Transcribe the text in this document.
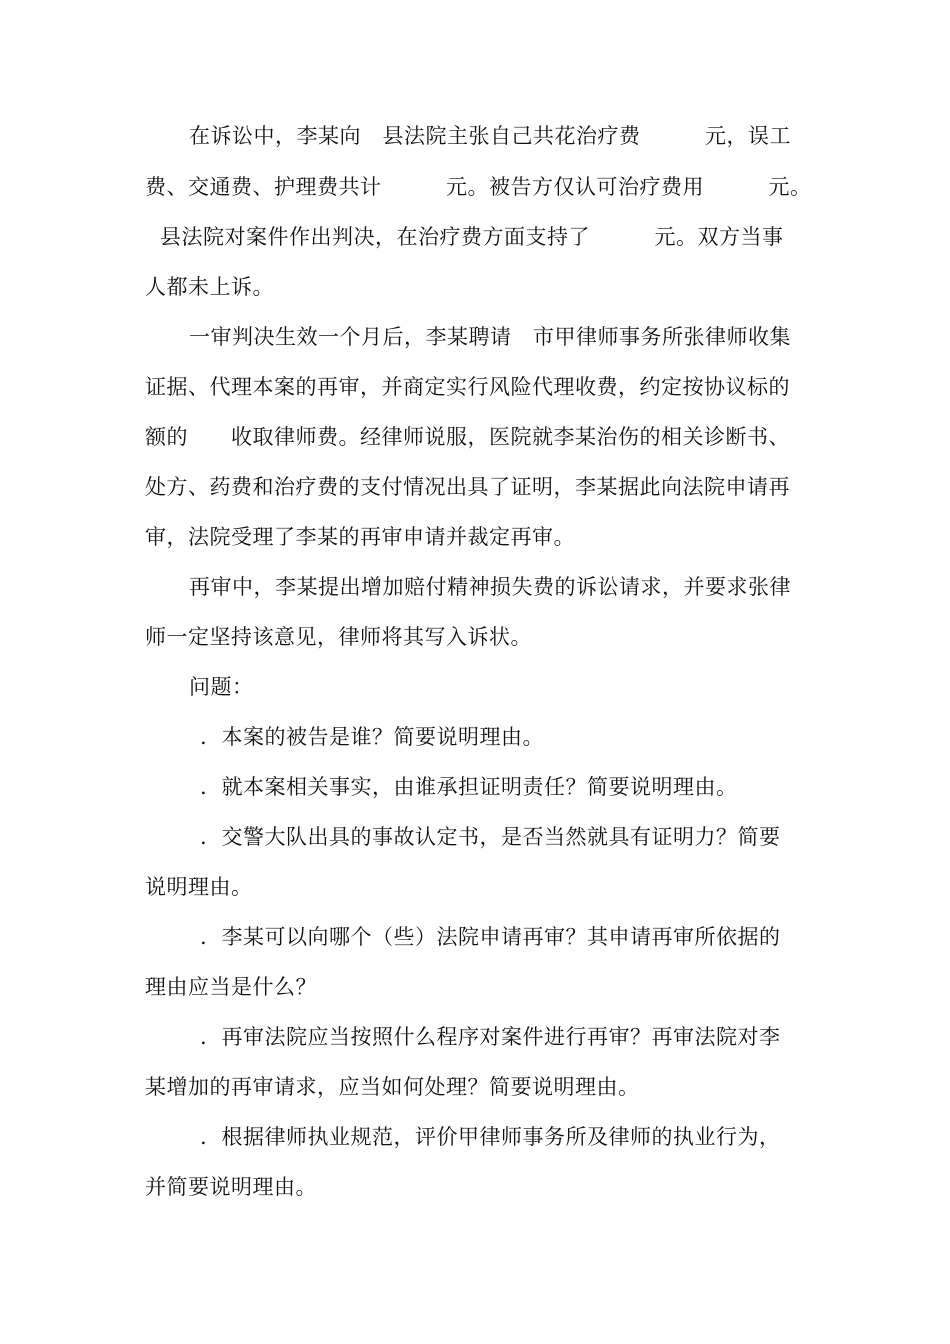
在诉讼中，李某向　县法院主张自己共花治疗费　　　元，误工
费、交通费、护理费共计　　　元。被告方仅认可治疗费用　　　元。
县法院对案件作出判决，在治疗费方面支持了　　　元。双方当事
人都未上诉。
一审判决生效一个月后，李某聘请　市甲律师事务所张律师收集
证据、代理本案的再审，并商定实行风险代理收费，约定按协议标的
额的　　收取律师费。经律师说服，医院就李某治伤的相关诊断书、
处方、药费和治疗费的支付情况出具了证明，李某据此向法院申请再
审，法院受理了李某的再审申请并裁定再审。
再审中，李某提出增加赔付精神损失费的诉讼请求，并要求张律
师一定坚持该意见，律师将其写入诉状。
问题：
.  本案的被告是谁？简要说明理由。
.  就本案相关事实，由谁承担证明责任？简要说明理由。
.  交警大队出具的事故认定书，是否当然就具有证明力？简要
说明理由。
.  李某可以向哪个（些）法院申请再审？其申请再审所依据的
理由应当是什么？
.  再审法院应当按照什么程序对案件进行再审？再审法院对李
某增加的再审请求，应当如何处理？简要说明理由。
.  根据律师执业规范，评价甲律师事务所及律师的执业行为，
并简要说明理由。
